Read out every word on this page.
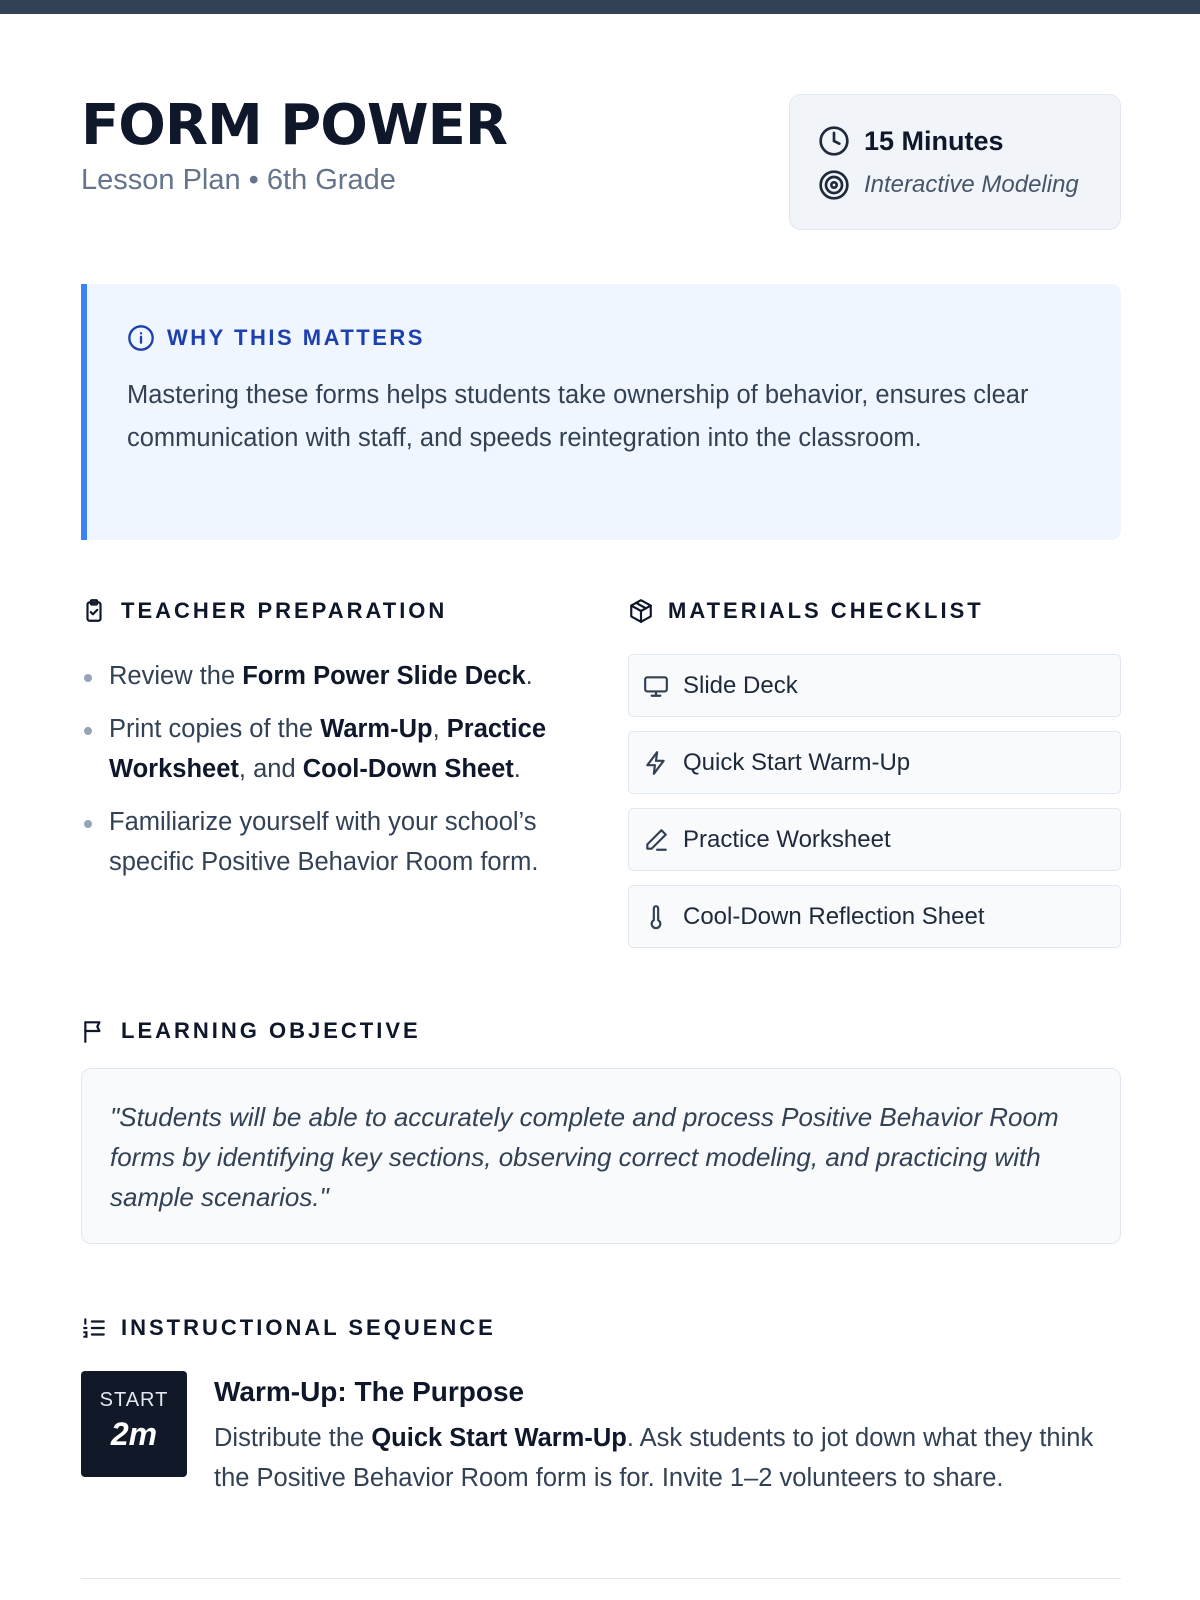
FORM POWER
Lesson Plan • 6th Grade
15 Minutes
Interactive Modeling
WHY THIS MATTERS
Mastering these forms helps students take ownership of behavior, ensures clear communication with staff, and speeds reintegration into the classroom.
TEACHER PREPARATION
Review the Form Power Slide Deck.
Print copies of the Warm-Up, Practice Worksheet, and Cool-Down Sheet.
Familiarize yourself with your school’s specific Positive Behavior Room form.
MATERIALS CHECKLIST
Slide Deck
Quick Start Warm-Up
Practice Worksheet
Cool-Down Reflection Sheet
LEARNING OBJECTIVE
"Students will be able to accurately complete and process Positive Behavior Room forms by identifying key sections, observing correct modeling, and practicing with sample scenarios."
INSTRUCTIONAL SEQUENCE
START
2m
Warm-Up: The Purpose
Distribute the Quick Start Warm-Up. Ask students to jot down what they think the Positive Behavior Room form is for. Invite 1–2 volunteers to share.
